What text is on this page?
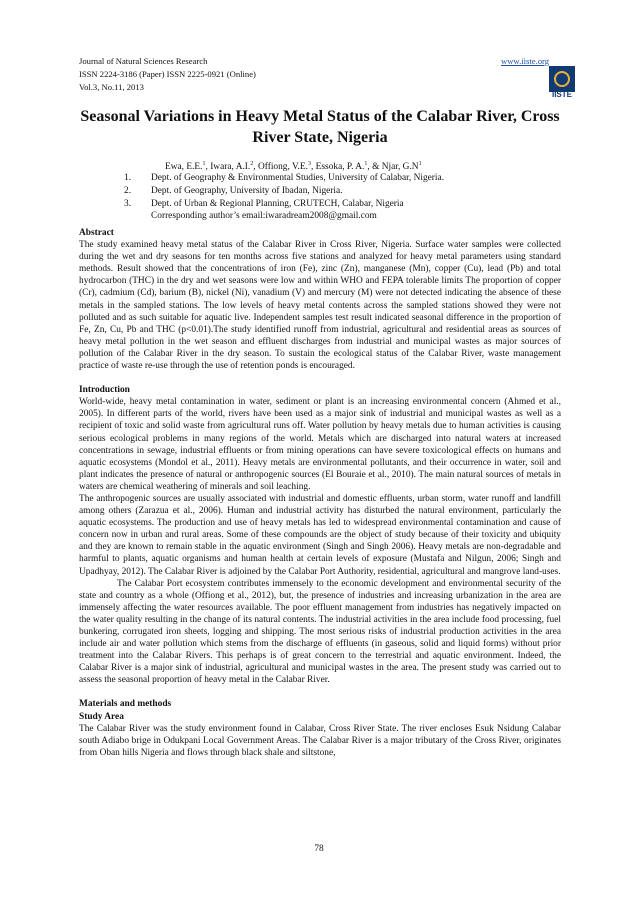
Journal of Natural Sciences Research
ISSN 2224-3186 (Paper) ISSN 2225-0921 (Online)
Vol.3, No.11, 2013
www.iiste.org
IISTE
Seasonal Variations in Heavy Metal Status of the Calabar River, Cross River State, Nigeria
Ewa, E.E.$^1$, Iwara, A.I.$^2$, Offiong, V.E.$^3$, Essoka, P. A.$^1$, & Njar, $G.N^1$
1.	Dept. of Geography & Environmental Studies, University of Calabar, Nigeria.
2.	Dept. of Geography, University of Ibadan, Nigeria.
3.	Dept. of Urban & Regional Planning, CRUTECH, Calabar, Nigeria
Corresponding author’s email:iwaradream2008@gmail.com

Abstract

The study examined heavy metal status of the Calabar River in Cross River, Nigeria. Surface water samples were collected during the wet and dry seasons for ten months across five stations and analyzed for heavy metal parameters using standard methods. Result showed that the concentrations of iron (Fe), zinc (Zn), manganese (Mn), copper (Cu), lead (Pb) and total hydrocarbon (THC) in the dry and wet seasons were low and within WHO and FEPA tolerable limits The proportion of copper (Cr), cadmium (Cd), barium (B), nickel (Ni), vanadium (V) and mercury (M) were not detected indicating the absence of these metals in the sampled stations. The low levels of heavy metal contents across the sampled stations showed they were not polluted and as such suitable for aquatic live. Independent samples test result indicated seasonal difference in the proportion of Fe, Zn, Cu, Pb and THC (p<0.01).The study identified runoff from industrial, agricultural and residential areas as sources of heavy metal pollution in the wet season and effluent discharges from industrial and municipal wastes as major sources of pollution of the Calabar River in the dry season. To sustain the ecological status of the Calabar River, waste management practice of waste re-use through the use of retention ponds is encouraged.

Introduction

World-wide, heavy metal contamination in water, sediment or plant is an increasing environmental concern (Ahmed et al., 2005). In different parts of the world, rivers have been used as a major sink of industrial and municipal wastes as well as a recipient of toxic and solid waste from agricultural runs off. Water pollution by heavy metals due to human activities is causing serious ecological problems in many regions of the world. Metals which are discharged into natural waters at increased concentrations in sewage, industrial effluents or from mining operations can have severe toxicological effects on humans and aquatic ecosystems (Mondol et al., 2011). Heavy metals are environmental pollutants, and their occurrence in water, soil and plant indicates the presence of natural or anthropogenic sources (El Bouraie et al., 2010). The main natural sources of metals in waters are chemical weathering of minerals and soil leaching.

The anthropogenic sources are usually associated with industrial and domestic effluents, urban storm, water runoff and landfill among others (Zarazua et al., 2006). Human and industrial activity has disturbed the natural environment, particularly the aquatic ecosystems. The production and use of heavy metals has led to widespread environmental contamination and cause of concern now in urban and rural areas. Some of these compounds are the object of study because of their toxicity and ubiquity and they are known to remain stable in the aquatic environment (Singh and Singh 2006). Heavy metals are non-degradable and harmful to plants, aquatic organisms and human health at certain levels of exposure (Mustafa and Nilgun, 2006; Singh and Upadhyay, 2012). The Calabar River is adjoined by the Calabar Port Authority, residential, agricultural and mangrove land-uses.

The Calabar Port ecosystem contributes immensely to the economic development and environmental security of the state and country as a whole (Offiong et al., 2012), but, the presence of industries and increasing urbanization in the area are immensely affecting the water resources available. The poor effluent management from industries has negatively impacted on the water quality resulting in the change of its natural contents. The industrial activities in the area include food processing, fuel bunkering, corrugated iron sheets, logging and shipping. The most serious risks of industrial production activities in the area include air and water pollution which stems from the discharge of effluents (in gaseous, solid and liquid forms) without prior treatment into the Calabar Rivers. This perhaps is of great concern to the terrestrial and aquatic environment. Indeed, the Calabar River is a major sink of industrial, agricultural and municipal wastes in the area. The present study was carried out to assess the seasonal proportion of heavy metal in the Calabar River.

Materials and methods

Study Area

The Calabar River was the study environment found in Calabar, Cross River State. The river encloses Esuk Nsidung Calabar south Adiabo brige in Odukpani Local Government Areas. The Calabar River is a major tributary of the Cross River, originates from Oban hills Nigeria and flows through black shale and siltstone,

78
